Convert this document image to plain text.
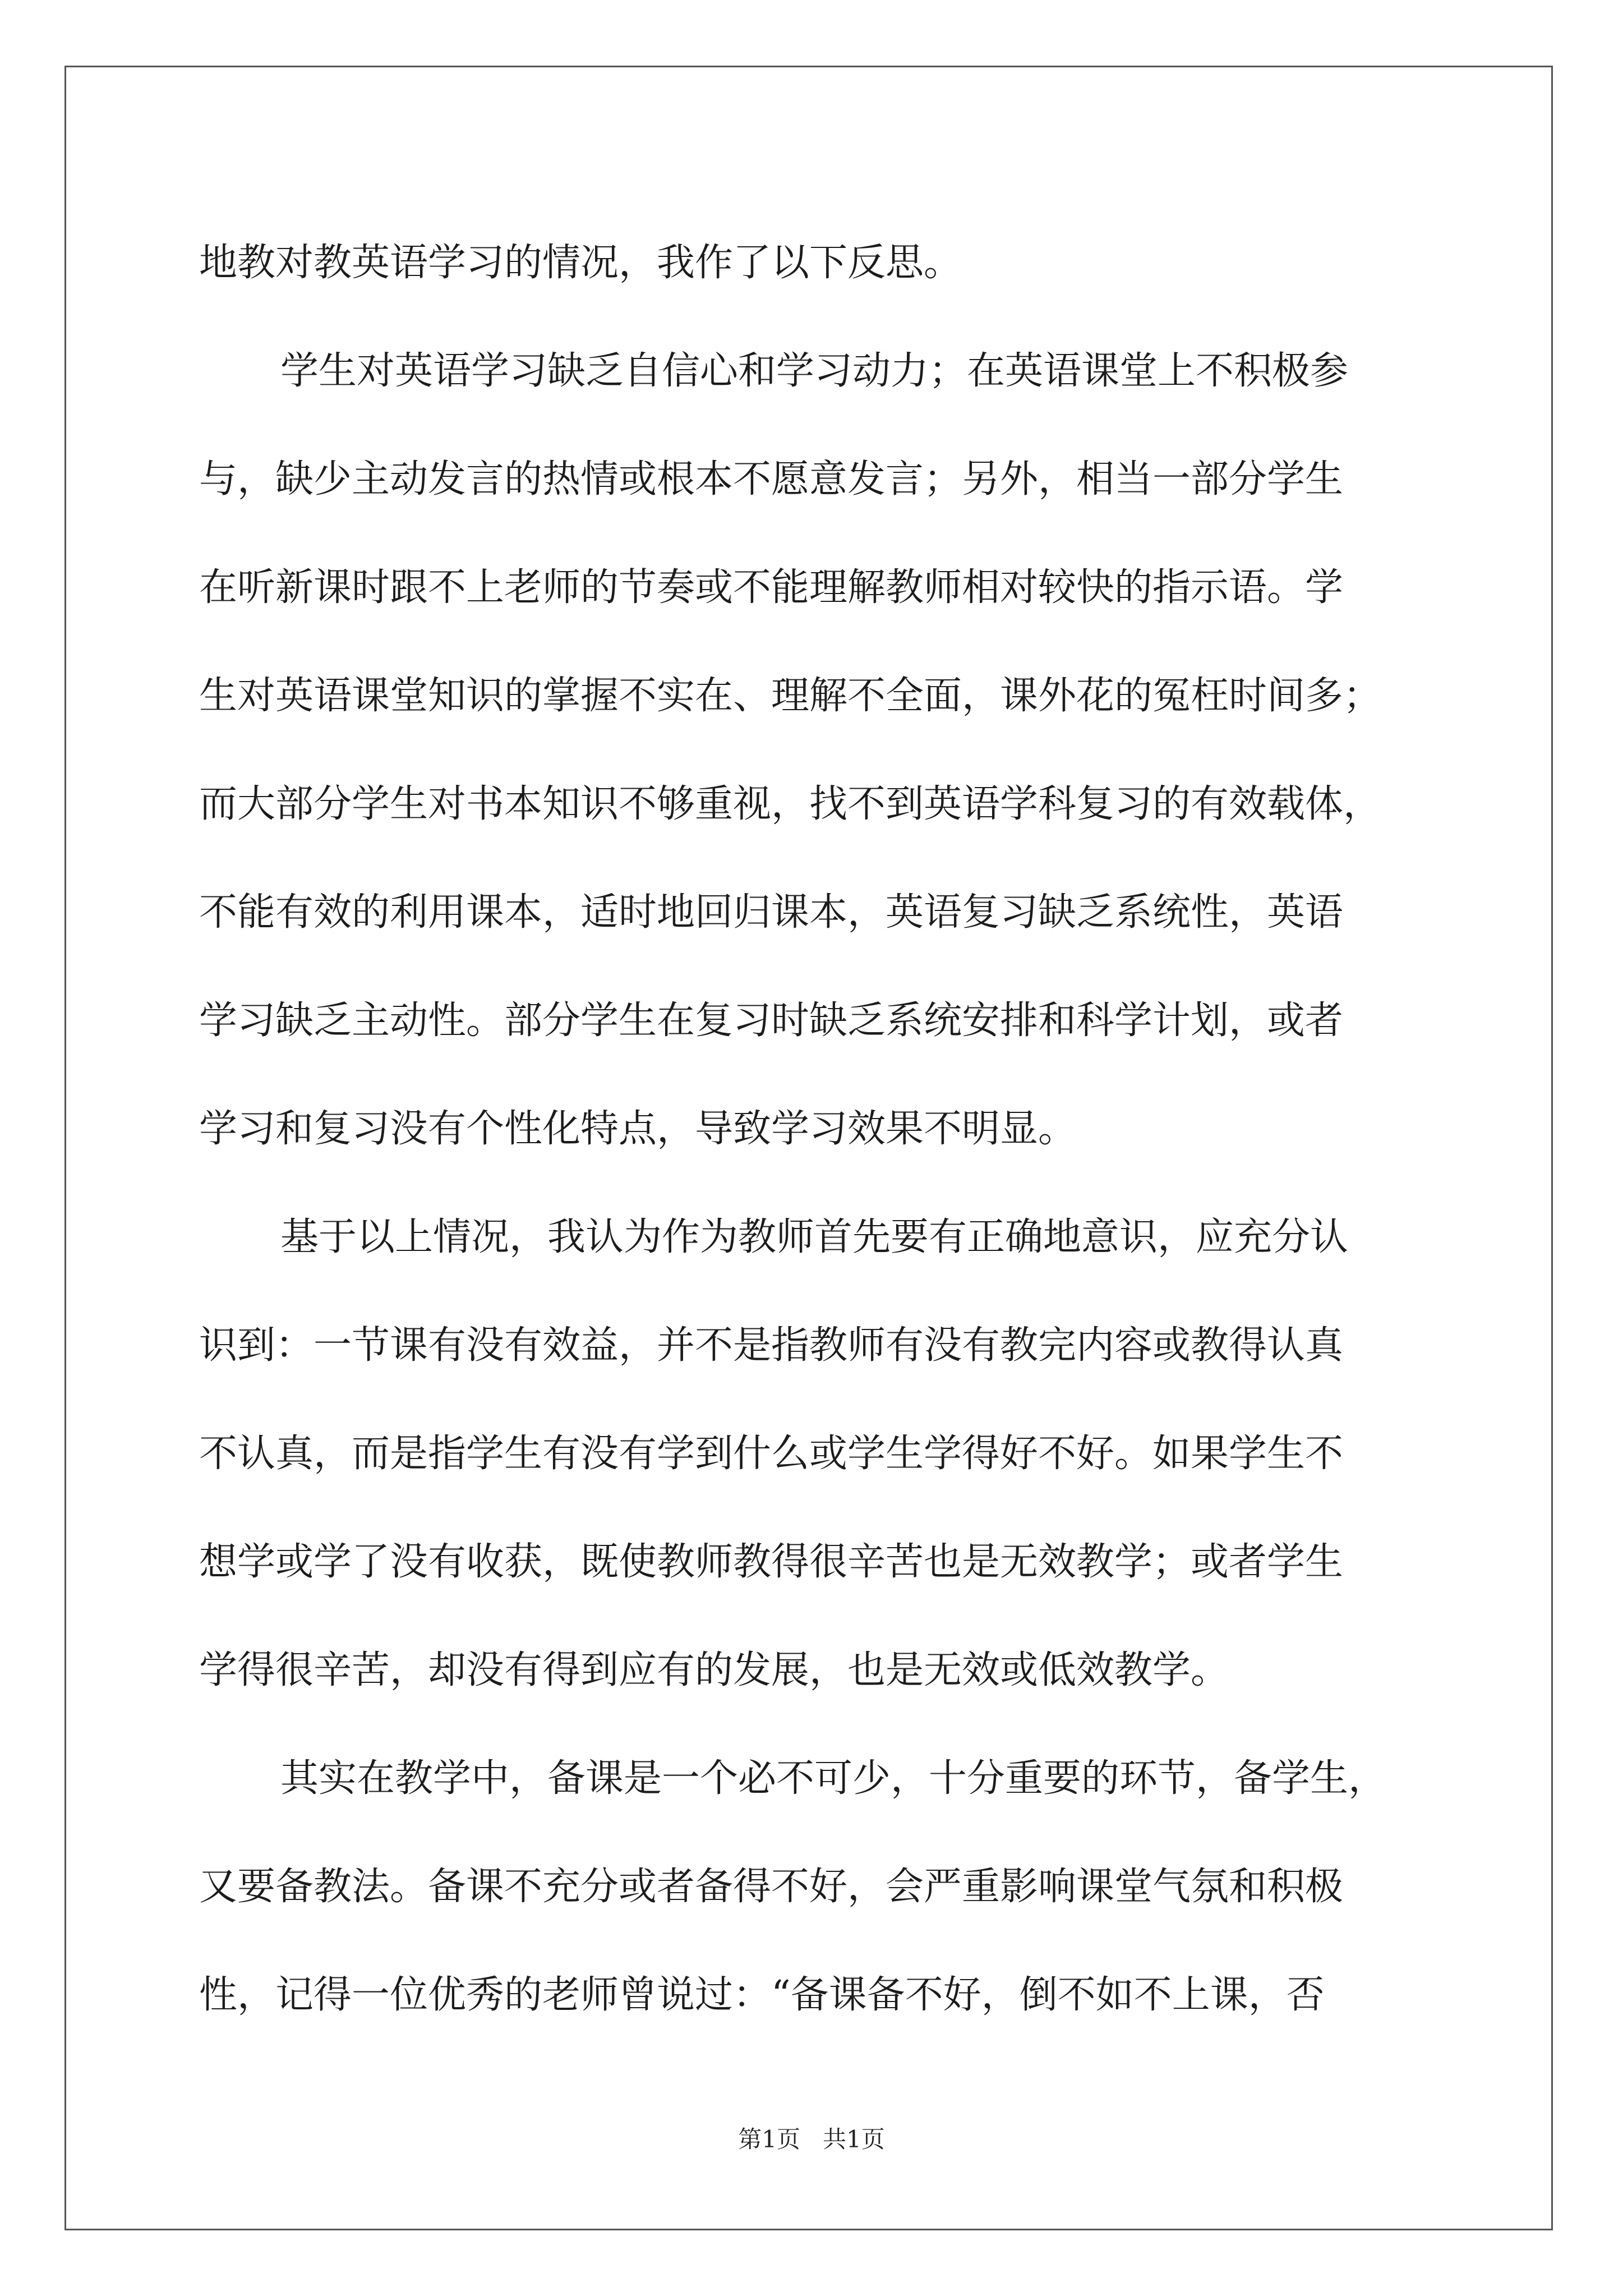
地教对教英语学习的情况，我作了以下反思。
学生对英语学习缺乏自信心和学习动力；在英语课堂上不积极参
与，缺少主动发言的热情或根本不愿意发言；另外，相当一部分学生
在听新课时跟不上老师的节奏或不能理解教师相对较快的指示语。学
生对英语课堂知识的掌握不实在、理解不全面，课外花的冤枉时间多；
而大部分学生对书本知识不够重视，找不到英语学科复习的有效载体，
不能有效的利用课本，适时地回归课本，英语复习缺乏系统性，英语
学习缺乏主动性。部分学生在复习时缺乏系统安排和科学计划，或者
学习和复习没有个性化特点，导致学习效果不明显。
基于以上情况，我认为作为教师首先要有正确地意识，应充分认
识到：一节课有没有效益，并不是指教师有没有教完内容或教得认真
不认真，而是指学生有没有学到什么或学生学得好不好。如果学生不
想学或学了没有收获，既使教师教得很辛苦也是无效教学；或者学生
学得很辛苦，却没有得到应有的发展，也是无效或低效教学。
其实在教学中，备课是一个必不可少，十分重要的环节，备学生，
又要备教法。备课不充分或者备得不好，会严重影响课堂气氛和积极
性，记得一位优秀的老师曾说过：“备课备不好，倒不如不上课，否
第1页 共1页
